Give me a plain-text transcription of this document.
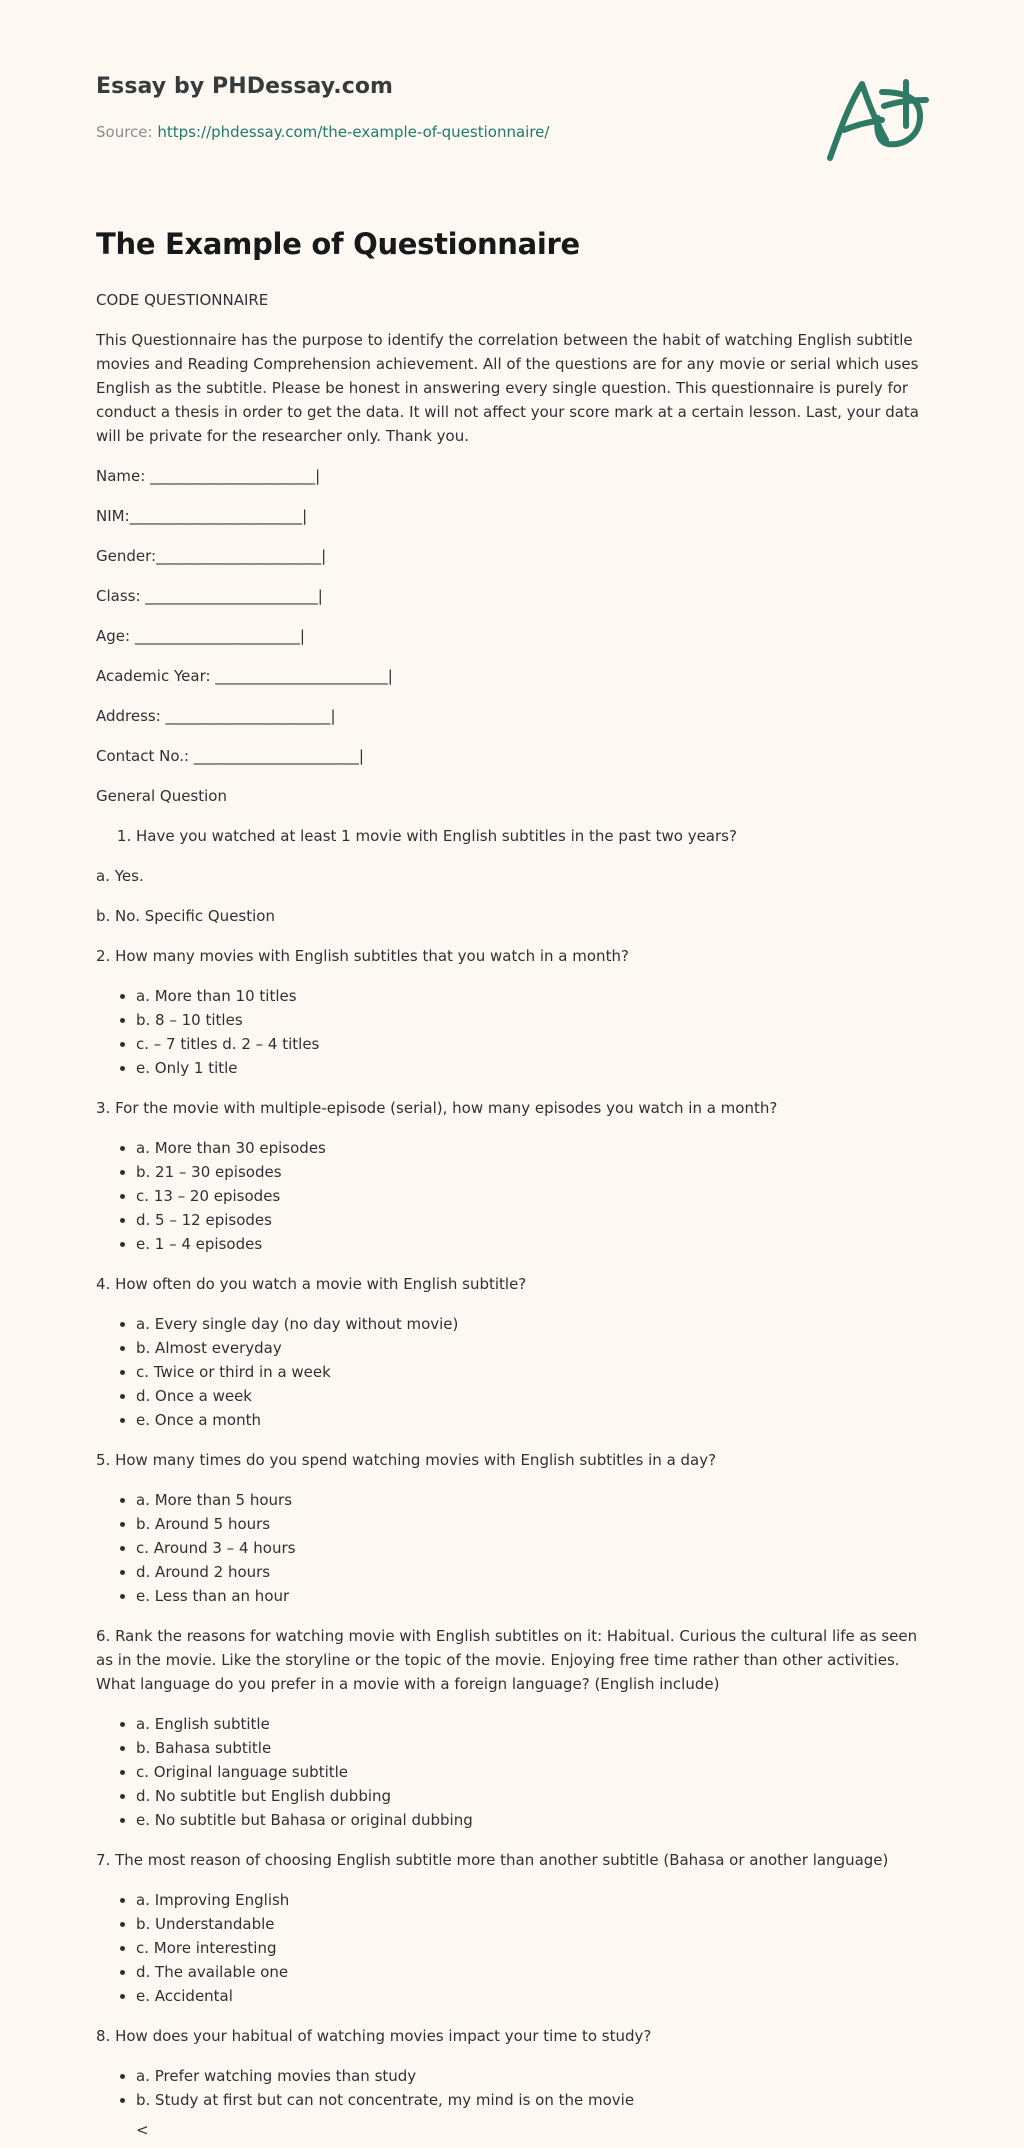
Essay by PHDessay.com

Source: https://phdessay.com/the-example-of-questionnaire/

The Example of Questionnaire

CODE QUESTIONNAIRE

This Questionnaire has the purpose to identify the correlation between the habit of watching English subtitle movies and Reading Comprehension achievement. All of the questions are for any movie or serial which uses English as the subtitle. Please be honest in answering every single question. This questionnaire is purely for conduct a thesis in order to get the data. It will not affect your score mark at a certain lesson. Last, your data will be private for the researcher only. Thank you.

Name: ______________________|

NIM:_______________________|

Gender:______________________|

Class: _______________________|

Age: ______________________|

Academic Year: _______________________|

Address: ______________________|

Contact No.: ______________________|

General Question

1. Have you watched at least 1 movie with English subtitles in the past two years?

a. Yes.

b. No. Specific Question

2. How many movies with English subtitles that you watch in a month?

• a. More than 10 titles
• b. 8 – 10 titles
• c. – 7 titles d. 2 – 4 titles
• e. Only 1 title

3. For the movie with multiple-episode (serial), how many episodes you watch in a month?

• a. More than 30 episodes
• b. 21 – 30 episodes
• c. 13 – 20 episodes
• d. 5 – 12 episodes
• e. 1 – 4 episodes

4. How often do you watch a movie with English subtitle?

• a. Every single day (no day without movie)
• b. Almost everyday
• c. Twice or third in a week
• d. Once a week
• e. Once a month

5. How many times do you spend watching movies with English subtitles in a day?

• a. More than 5 hours
• b. Around 5 hours
• c. Around 3 – 4 hours
• d. Around 2 hours
• e. Less than an hour

6. Rank the reasons for watching movie with English subtitles on it: Habitual. Curious the cultural life as seen as in the movie. Like the storyline or the topic of the movie. Enjoying free time rather than other activities. What language do you prefer in a movie with a foreign language? (English include)

• a. English subtitle
• b. Bahasa subtitle
• c. Original language subtitle
• d. No subtitle but English dubbing
• e. No subtitle but Bahasa or original dubbing

7. The most reason of choosing English subtitle more than another subtitle (Bahasa or another language)

• a. Improving English
• b. Understandable
• c. More interesting
• d. The available one
• e. Accidental

8. How does your habitual of watching movies impact your time to study?

• a. Prefer watching movies than study
• b. Study at first but can not concentrate, my mind is on the movie
<
